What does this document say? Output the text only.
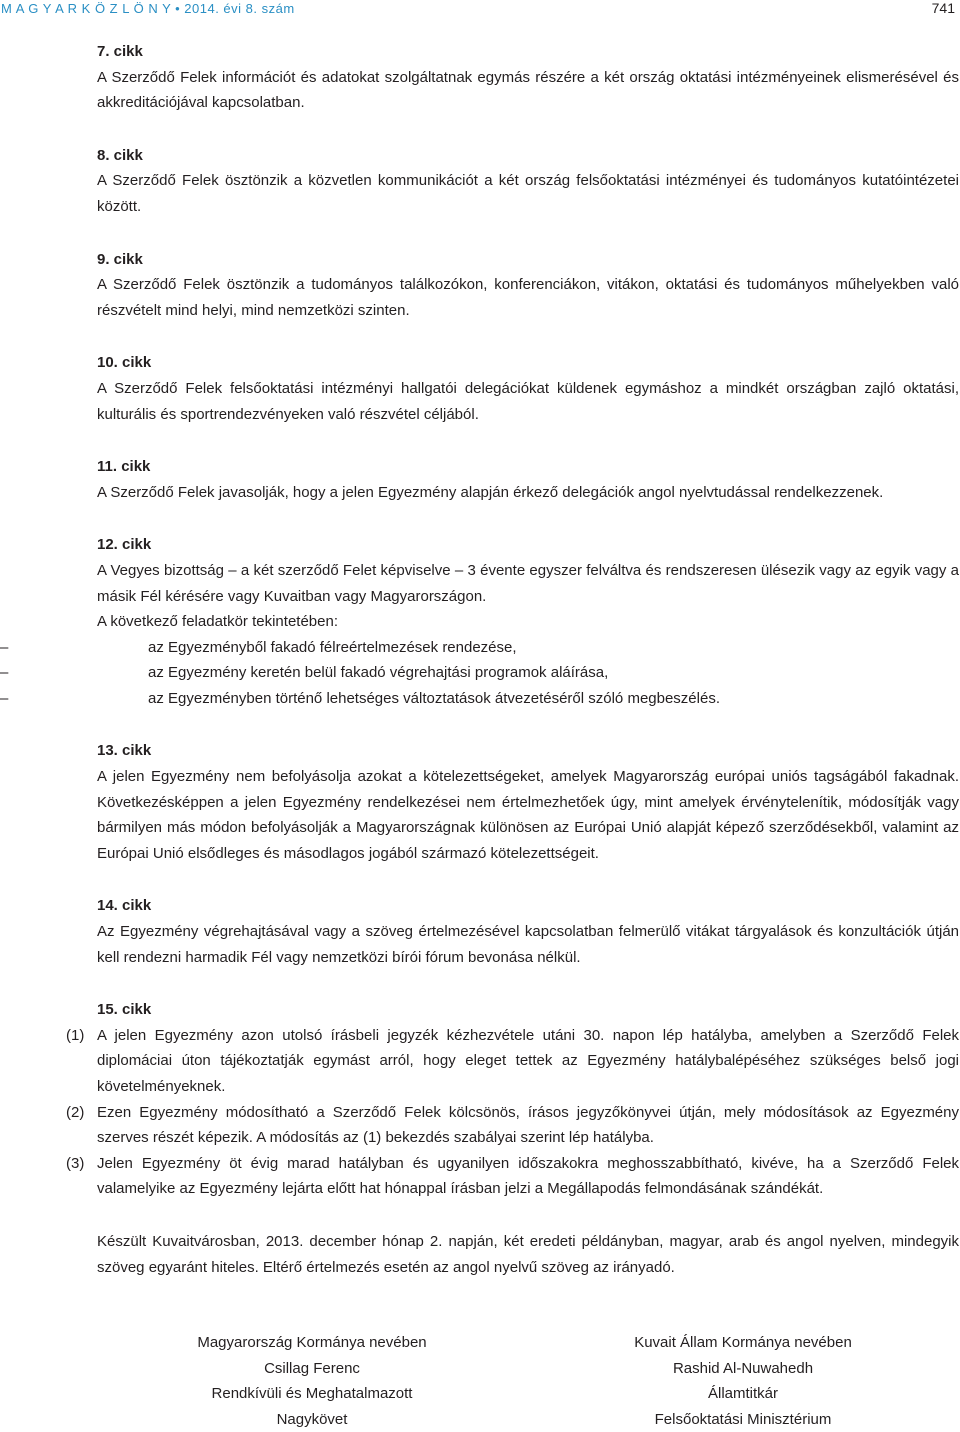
M A G Y A R K Ö Z L Ö N Y • 2014. évi 8. szám	741
7. cikk

A Szerződő Felek információt és adatokat szolgáltatnak egymás részére a két ország oktatási intézményeinek elismerésével és akkreditációjával kapcsolatban.

8. cikk

A Szerződő Felek ösztönzik a közvetlen kommunikációt a két ország felsőoktatási intézményei és tudományos kutatóintézetei között.

9. cikk

A Szerződő Felek ösztönzik a tudományos találkozókon, konferenciákon, vitákon, oktatási és tudományos műhelyekben való részvételt mind helyi, mind nemzetközi szinten.

10. cikk

A Szerződő Felek felsőoktatási intézményi hallgatói delegációkat küldenek egymáshoz a mindkét országban zajló oktatási, kulturális és sportrendezvényeken való részvétel céljából.

11. cikk

A Szerződő Felek javasolják, hogy a jelen Egyezmény alapján érkező delegációk angol nyelvtudással rendelkezzenek.

12. cikk

A Vegyes bizottság – a két szerződő Felet képviselve – 3 évente egyszer felváltva és rendszeresen ülésezik vagy az egyik vagy a másik Fél kérésére vagy Kuvaitban vagy Magyarországon.

A következő feladatkör tekintetében:

–	az Egyezményből fakadó félreértelmezések rendezése,
–	az Egyezmény keretén belül fakadó végrehajtási programok aláírása,
–	az Egyezményben történő lehetséges változtatások átvezetéséről szóló megbeszélés.
13. cikk

A jelen Egyezmény nem befolyásolja azokat a kötelezettségeket, amelyek Magyarország európai uniós tagságából fakadnak. Következésképpen a jelen Egyezmény rendelkezései nem értelmezhetőek úgy, mint amelyek érvénytelenítik, módosítják vagy bármilyen más módon befolyásolják a Magyarországnak különösen az Európai Unió alapját képező szerződésekből, valamint az Európai Unió elsődleges és másodlagos jogából származó kötelezettségeit.

14. cikk

Az Egyezmény végrehajtásával vagy a szöveg értelmezésével kapcsolatban felmerülő vitákat tárgyalások és konzultációk útján kell rendezni harmadik Fél vagy nemzetközi bírói fórum bevonása nélkül.

15. cikk
(1) A jelen Egyezmény azon utolsó írásbeli jegyzék kézhezvétele utáni 30. napon lép hatályba, amelyben a Szerződő Felek diplomáciai úton tájékoztatják egymást arról, hogy eleget tettek az Egyezmény hatálybalépéséhez szükséges belső jogi követelményeknek.
(2) Ezen Egyezmény módosítható a Szerződő Felek kölcsönös, írásos jegyzőkönyvei útján, mely módosítások az Egyezmény szerves részét képezik. A módosítás az (1) bekezdés szabályai szerint lép hatályba.
(3) Jelen Egyezmény öt évig marad hatályban és ugyanilyen időszakokra meghosszabbítható, kivéve, ha a Szerződő Felek valamelyike az Egyezmény lejárta előtt hat hónappal írásban jelzi a Megállapodás felmondásának szándékát.

Készült Kuvaitvárosban, 2013. december hónap 2. napján, két eredeti példányban, magyar, arab és angol nyelven, mindegyik szöveg egyaránt hiteles. Eltérő értelmezés esetén az angol nyelvű szöveg az irányadó.

Magyarország Kormánya nevében
Csillag Ferenc
Rendkívüli és Meghatalmazott
Nagykövet
Kuvait Állam Kormánya nevében
Rashid Al-Nuwahedh
Államtitkár
Felsőoktatási Minisztérium
